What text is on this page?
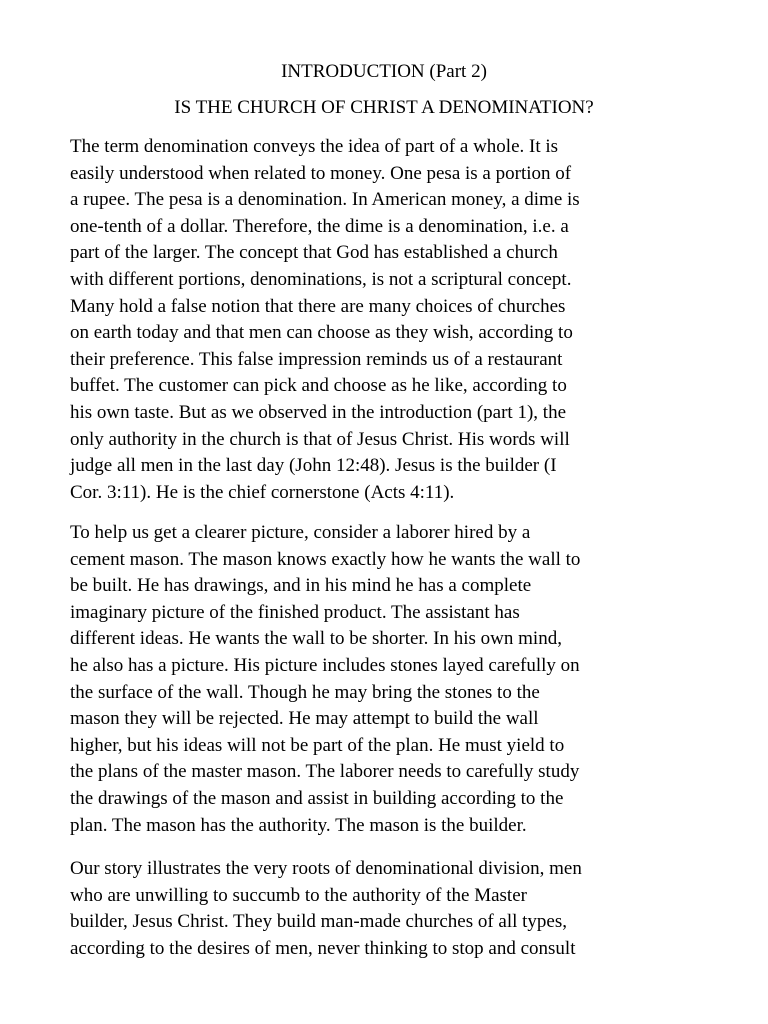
INTRODUCTION (Part 2)
IS THE CHURCH OF CHRIST A DENOMINATION?
The term denomination conveys the idea of part of a whole. It is
easily understood when related to money. One pesa is a portion of
a rupee. The pesa is a denomination. In American money, a dime is
one-tenth of a dollar. Therefore, the dime is a denomination, i.e. a
part of the larger. The concept that God has established a church
with different portions, denominations, is not a scriptural concept.
Many hold a false notion that there are many choices of churches
on earth today and that men can choose as they wish, according to
their preference. This false impression reminds us of a restaurant
buffet. The customer can pick and choose as he like, according to
his own taste. But as we observed in the introduction (part 1), the
only authority in the church is that of Jesus Christ. His words will
judge all men in the last day (John 12:48). Jesus is the builder (I
Cor. 3:11). He is the chief cornerstone (Acts 4:11).
To help us get a clearer picture, consider a laborer hired by a
cement mason. The mason knows exactly how he wants the wall to
be built. He has drawings, and in his mind he has a complete
imaginary picture of the finished product. The assistant has
different ideas. He wants the wall to be shorter. In his own mind,
he also has a picture. His picture includes stones layed carefully on
the surface of the wall. Though he may bring the stones to the
mason they will be rejected. He may attempt to build the wall
higher, but his ideas will not be part of the plan. He must yield to
the plans of the master mason. The laborer needs to carefully study
the drawings of the mason and assist in building according to the
plan. The mason has the authority. The mason is the builder.
Our story illustrates the very roots of denominational division, men
who are unwilling to succumb to the authority of the Master
builder, Jesus Christ. They build man-made churches of all types,
according to the desires of men, never thinking to stop and consult
